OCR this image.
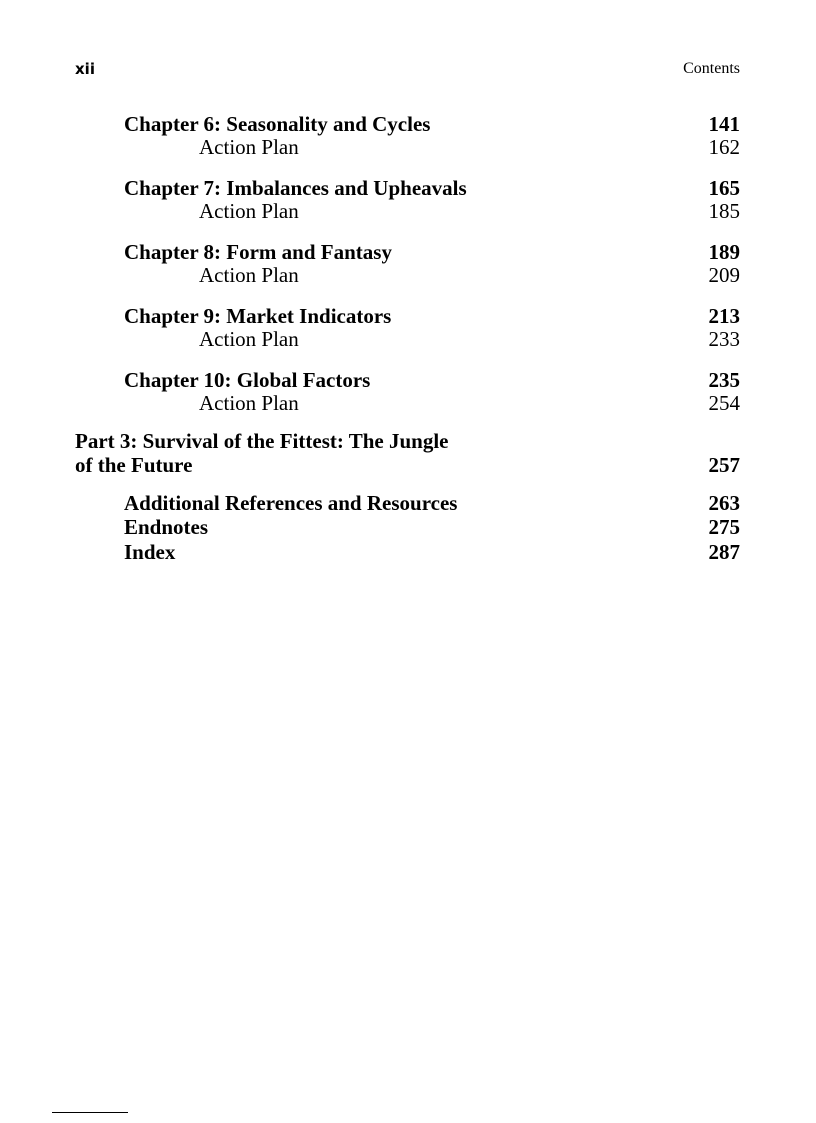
xii	Contents
Chapter 6: Seasonality and Cycles	141
Action Plan	162
Chapter 7: Imbalances and Upheavals	165
Action Plan	185
Chapter 8: Form and Fantasy	189
Action Plan	209
Chapter 9: Market Indicators	213
Action Plan	233
Chapter 10: Global Factors	235
Action Plan	254
Part 3: Survival of the Fittest: The Jungle
of the Future	257
Additional References and Resources	263
Endnotes	275
Index	287
